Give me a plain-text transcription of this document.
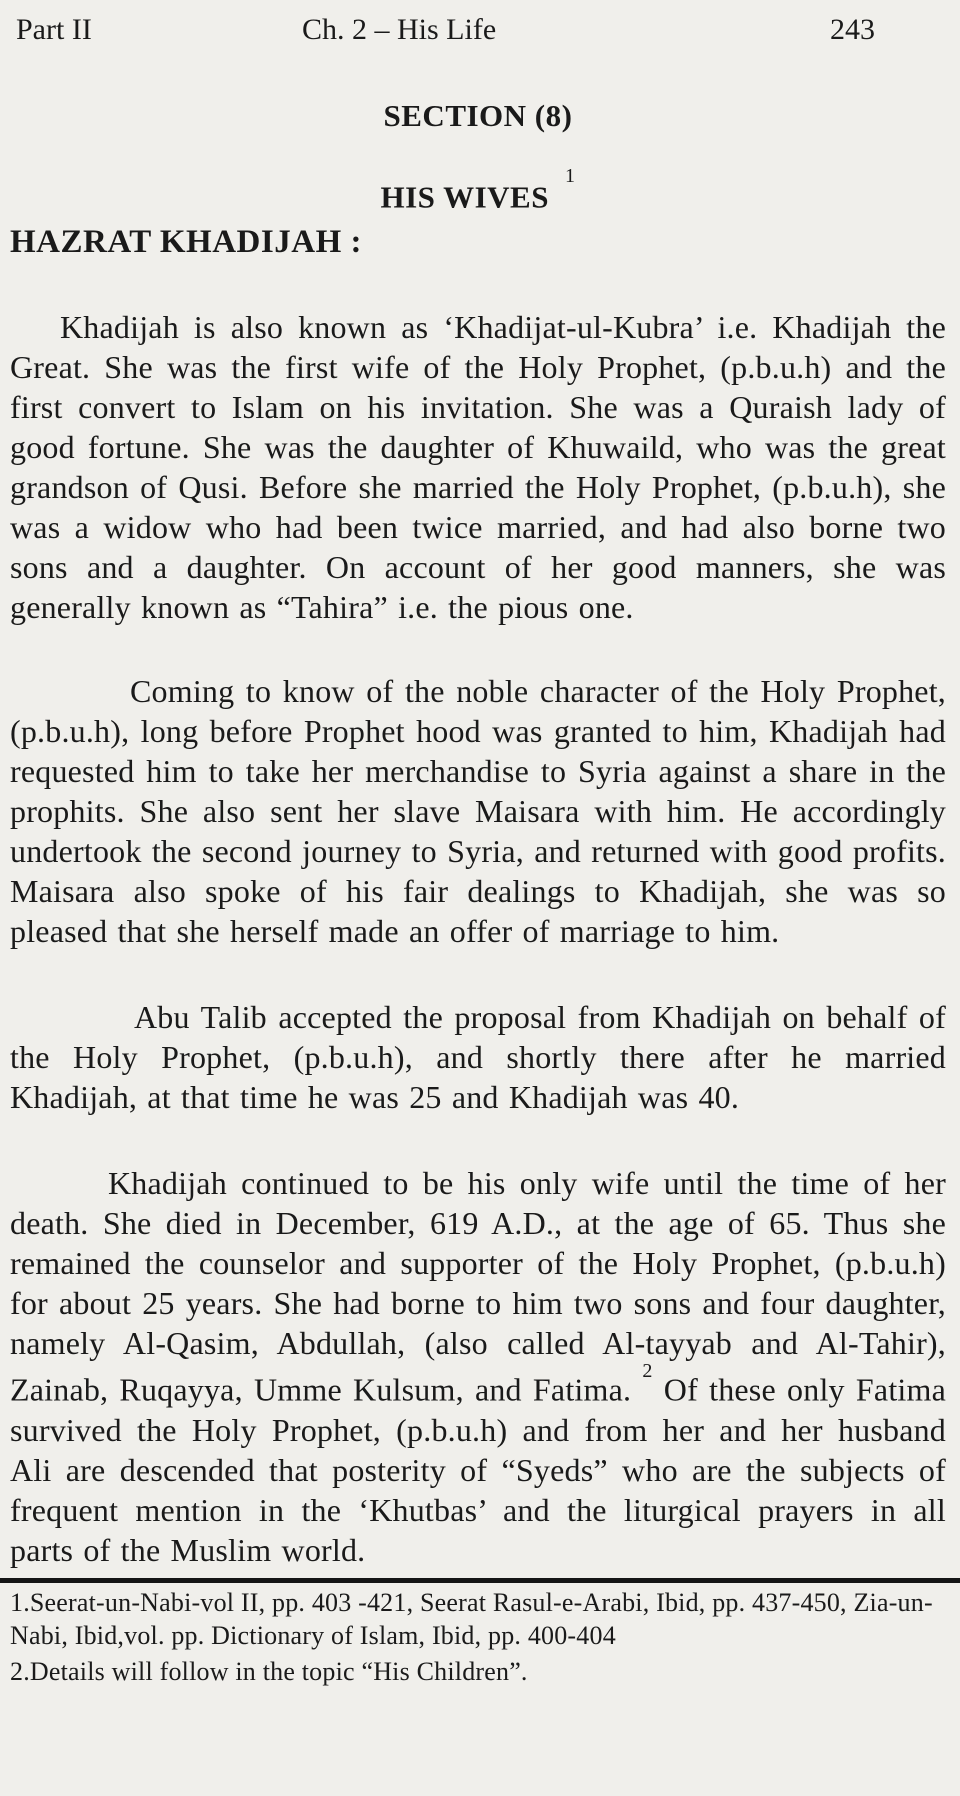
Part II	Ch. 2 – His Life	243
SECTION (8)
HIS WIVES$^1$
HAZRAT KHADIJAH :

Khadijah is also known as ‘Khadijat-ul-Kubra’ i.e. Khadijah the Great. She was the first wife of the Holy Prophet, (p.b.u.h) and the first convert to Islam on his invitation. She was a Quraish lady of good fortune. She was the daughter of Khuwaild, who was the great grandson of Qusi. Before she married the Holy Prophet, (p.b.u.h), she was a widow who had been twice married, and had also borne two sons and a daughter. On account of her good manners, she was generally known as “Tahira” i.e. the pious one.

Coming to know of the noble character of the Holy Prophet, (p.b.u.h), long before Prophet hood was granted to him, Khadijah had requested him to take her merchandise to Syria against a share in the prophits. She also sent her slave Maisara with him. He accordingly undertook the second journey to Syria, and returned with good profits. Maisara also spoke of his fair dealings to Khadijah, she was so pleased that she herself made an offer of marriage to him.

Abu Talib accepted the proposal from Khadijah on behalf of the Holy Prophet, (p.b.u.h), and shortly there after he married Khadijah, at that time he was 25 and Khadijah was 40.

Khadijah continued to be his only wife until the time of her death. She died in December, 619 A.D., at the age of 65. Thus she remained the counselor and supporter of the Holy Prophet, (p.b.u.h) for about 25 years. She had borne to him two sons and four daughter, namely Al-Qasim, Abdullah, (also called Al-tayyab and Al-Tahir), Zainab, Ruqayya, Umme Kulsum, and Fatima. $^2$ Of these only Fatima survived the Holy Prophet, (p.b.u.h) and from her and her husband Ali are descended that posterity of “Syeds” who are the subjects of frequent mention in the ‘Khutbas’ and the liturgical prayers in all parts of the Muslim world.

1.Seerat-un-Nabi-vol II, pp. 403 -421, Seerat Rasul-e-Arabi, Ibid, pp. 437-450, Zia-un-Nabi, Ibid,vol. pp. Dictionary of Islam, Ibid, pp. 400-404

2.Details will follow in the topic “His Children”.
